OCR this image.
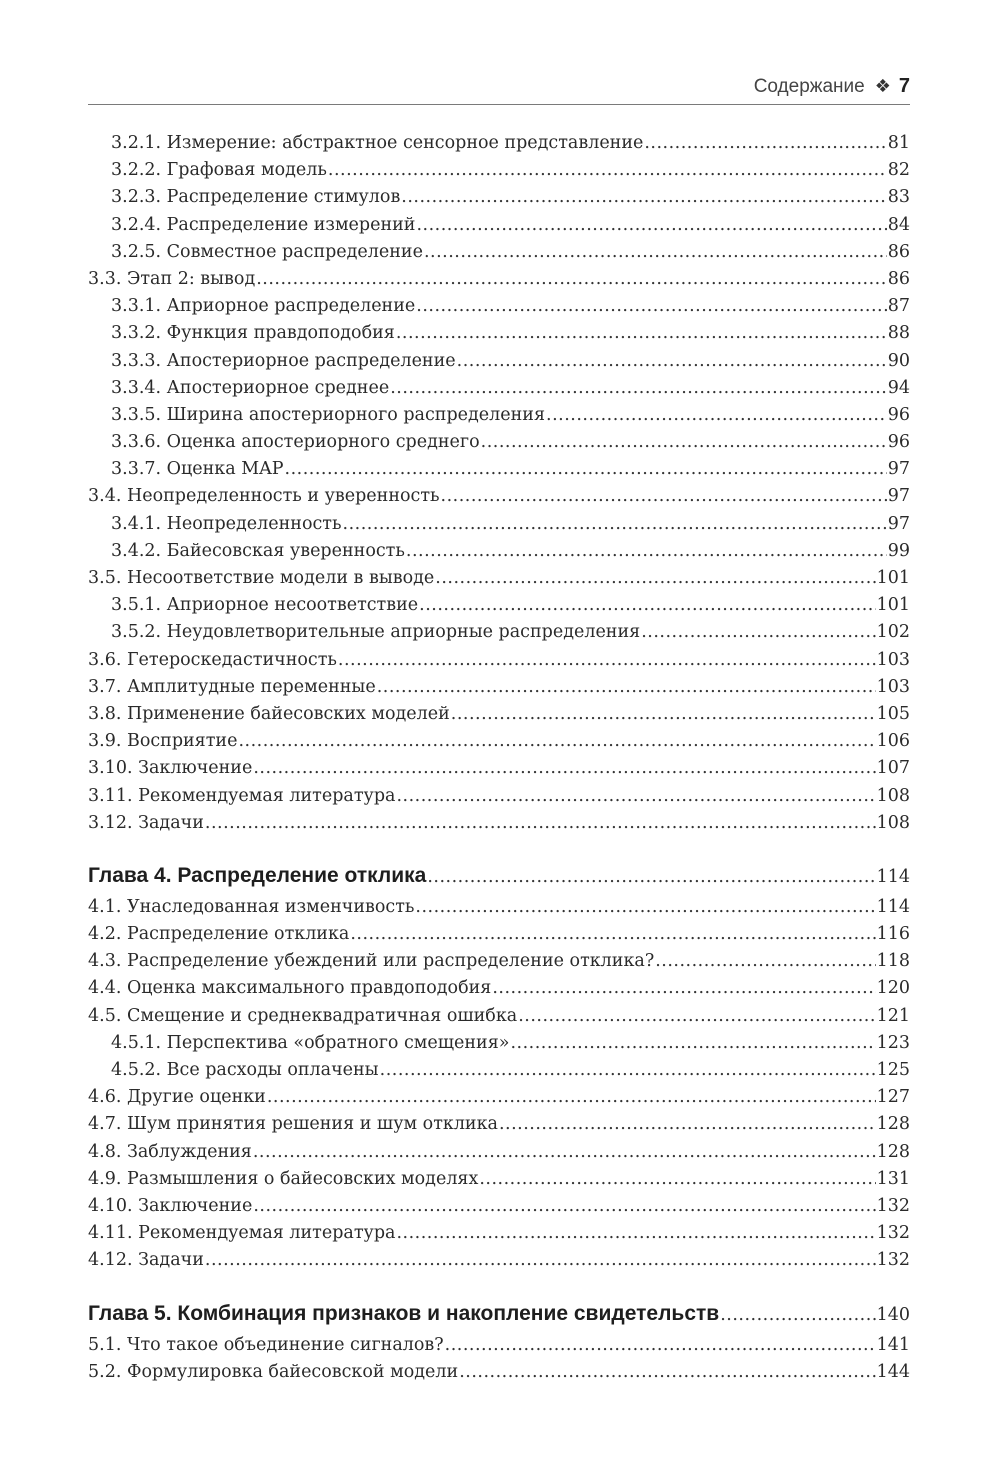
Содержание ❖ 7
3.2.1. Измерение: абстрактное сенсорное представление .....	81
3.2.2. Графовая модель .....	82
3.2.3. Распределение стимулов .....	83
3.2.4. Распределение измерений .....	84
3.2.5. Совместное распределение .....	86
3.3. Этап 2: вывод .....	86
3.3.1. Априорное распределение .....	87
3.3.2. Функция правдоподобия .....	88
3.3.3. Апостериорное распределение .....	90
3.3.4. Апостериорное среднее .....	94
3.3.5. Ширина апостериорного распределения .....	96
3.3.6. Оценка апостериорного среднего .....	96
3.3.7. Оценка MAP .....	97
3.4. Неопределенность и уверенность .....	97
3.4.1. Неопределенность .....	97
3.4.2. Байесовская уверенность .....	99
3.5. Несоответствие модели в выводе .....	101
3.5.1. Априорное несоответствие .....	101
3.5.2. Неудовлетворительные априорные распределения .....	102
3.6. Гетероскедастичность .....	103
3.7. Амплитудные переменные .....	103
3.8. Применение байесовских моделей .....	105
3.9. Восприятие .....	106
3.10. Заключение .....	107
3.11. Рекомендуемая литература .....	108
3.12. Задачи .....	108
Глава 4. Распределение отклика .....	114
4.1. Унаследованная изменчивость .....	114
4.2. Распределение отклика .....	116
4.3. Распределение убеждений или распределение отклика? .....	118
4.4. Оценка максимального правдоподобия .....	120
4.5. Смещение и среднеквадратичная ошибка .....	121
4.5.1. Перспектива «обратного смещения» .....	123
4.5.2. Все расходы оплачены .....	125
4.6. Другие оценки .....	127
4.7. Шум принятия решения и шум отклика .....	128
4.8. Заблуждения .....	128
4.9. Размышления о байесовских моделях .....	131
4.10. Заключение .....	132
4.11. Рекомендуемая литература .....	132
4.12. Задачи .....	132
Глава 5. Комбинация признаков и накопление свидетельств .....	140
5.1. Что такое объединение сигналов? .....	141
5.2. Формулировка байесовской модели .....	144
